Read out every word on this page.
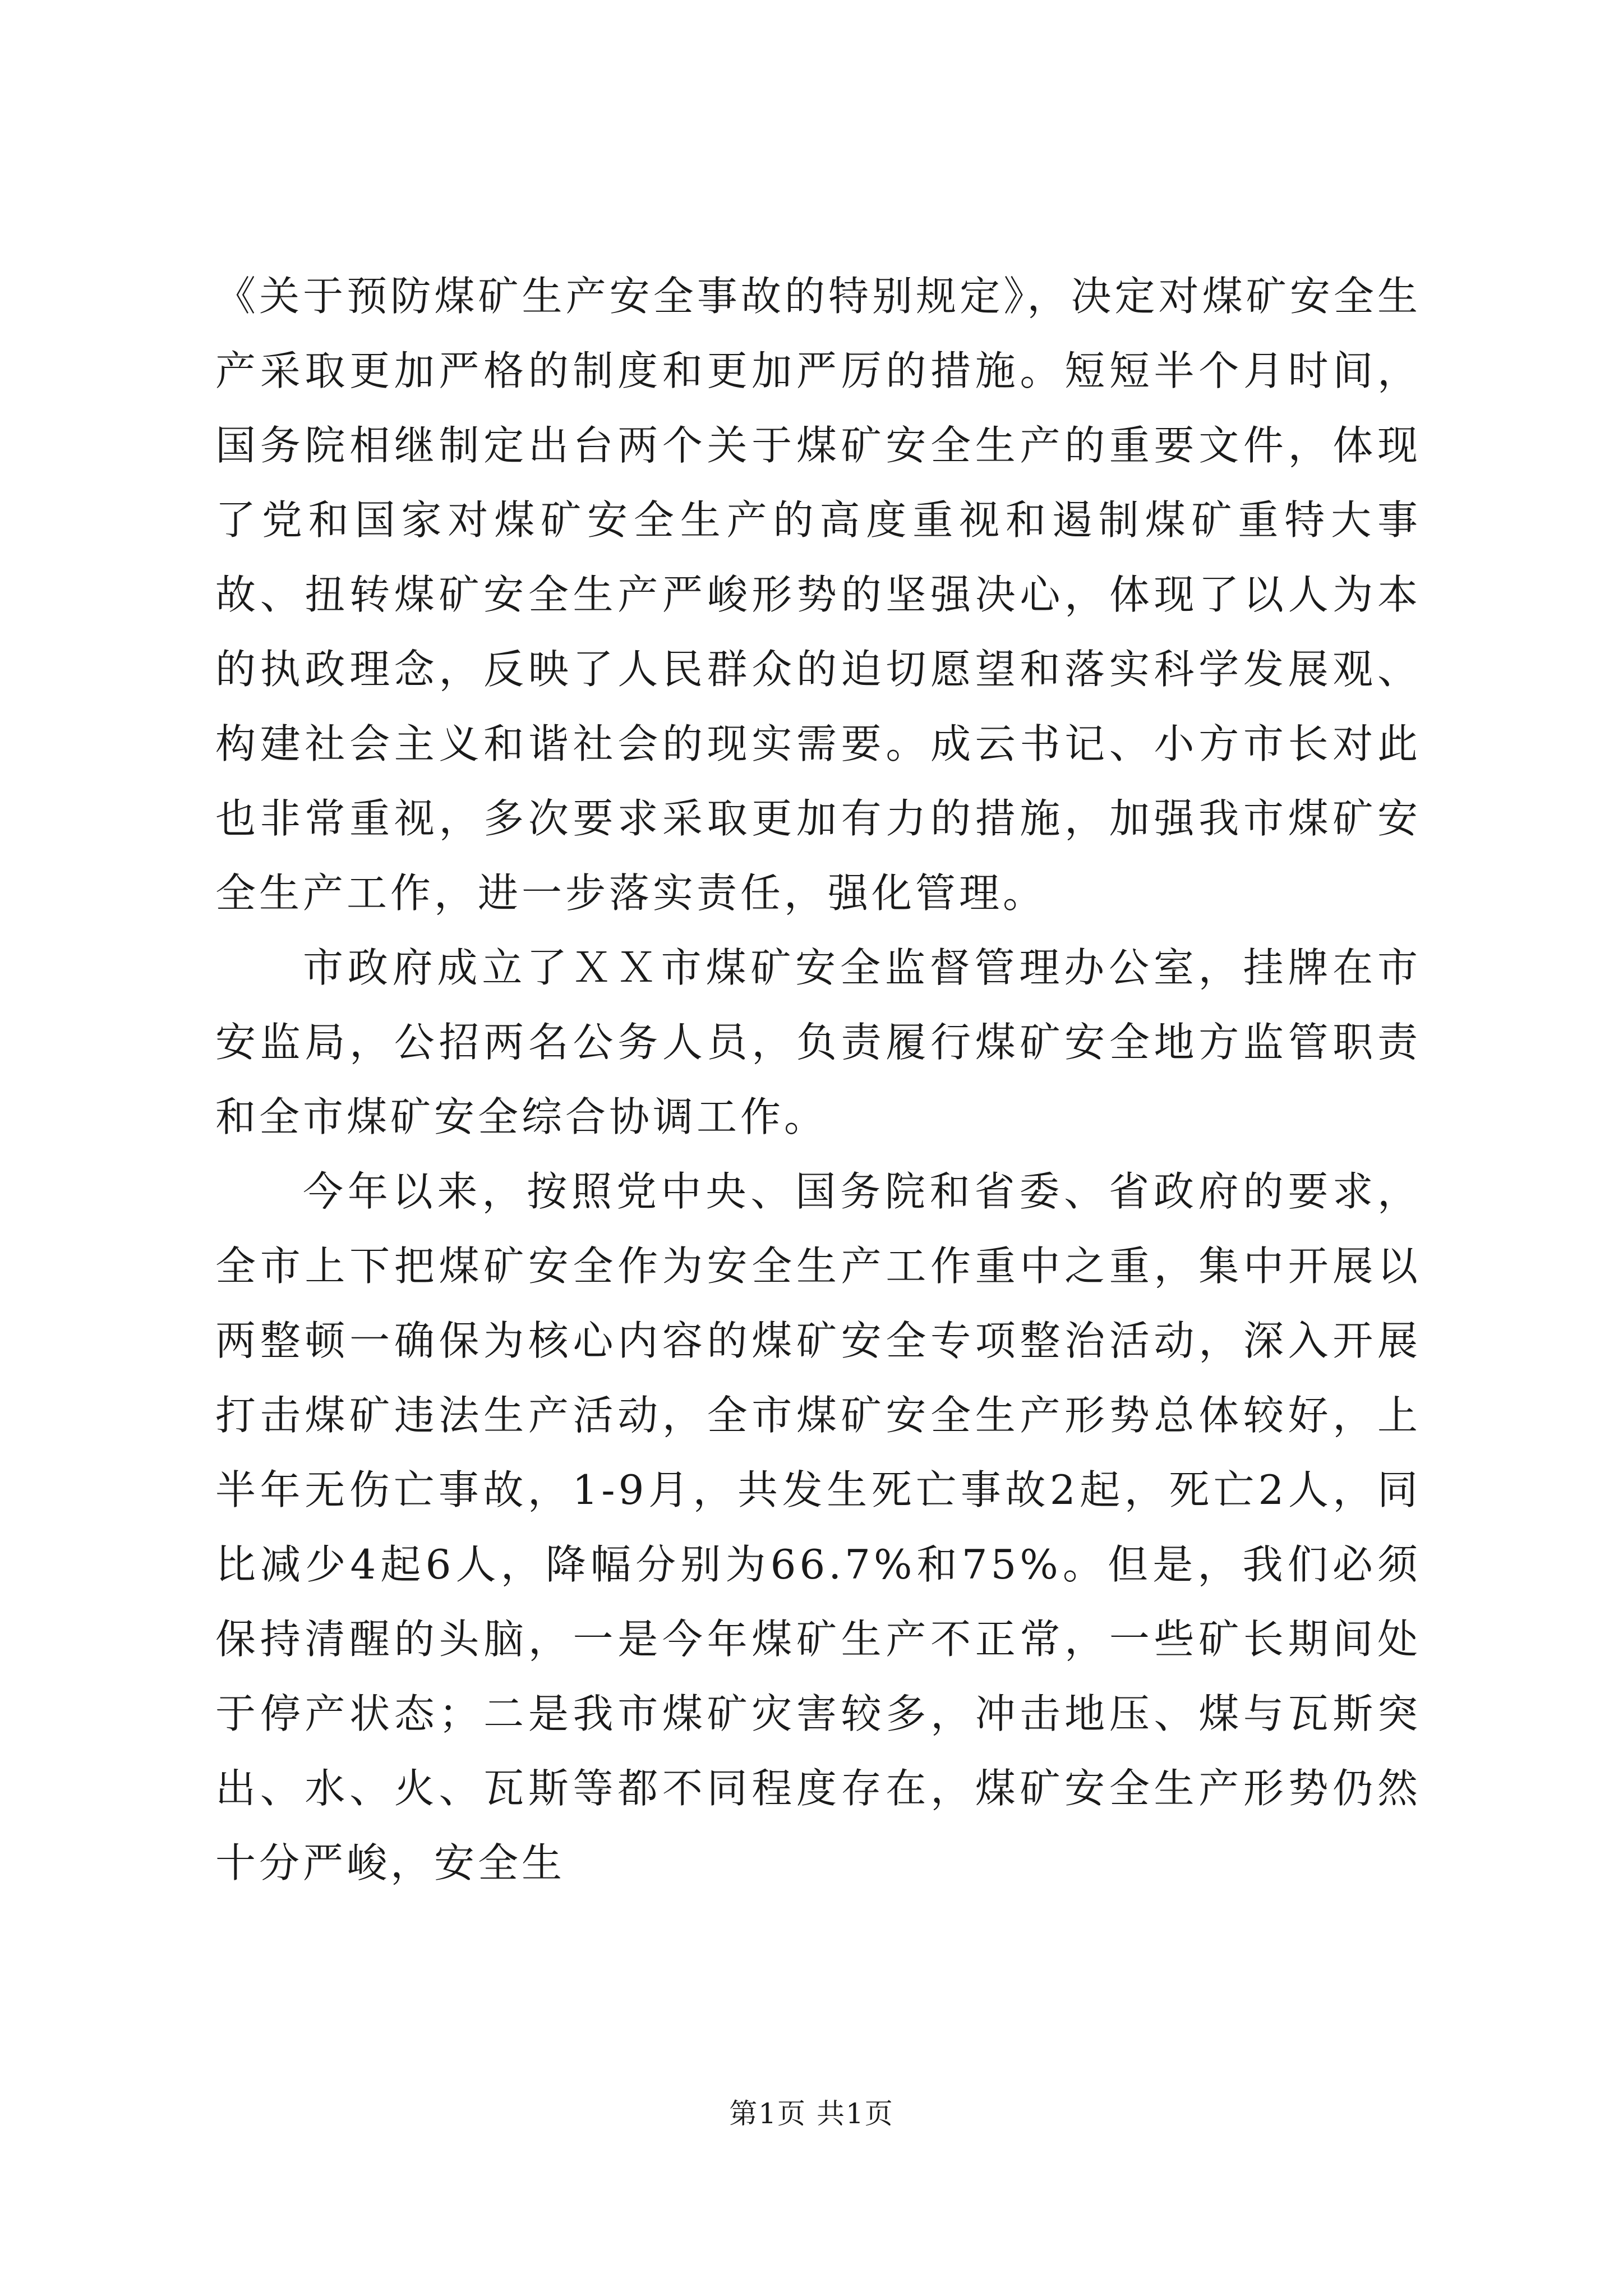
《关于预防煤矿生产安全事故的特别规定》，决定对煤矿安全生产采取更加严格的制度和更加严厉的措施。短短半个月时间，国务院相继制定出台两个关于煤矿安全生产的重要文件，体现了党和国家对煤矿安全生产的高度重视和遏制煤矿重特大事故、扭转煤矿安全生产严峻形势的坚强决心，体现了以人为本的执政理念，反映了人民群众的迫切愿望和落实科学发展观、构建社会主义和谐社会的现实需要。成云书记、小方市长对此也非常重视，多次要求采取更加有力的措施，加强我市煤矿安全生产工作，进一步落实责任，强化管理。

市政府成立了ＸＸ市煤矿安全监督管理办公室，挂牌在市安监局，公招两名公务人员，负责履行煤矿安全地方监管职责和全市煤矿安全综合协调工作。

今年以来，按照党中央、国务院和省委、省政府的要求，全市上下把煤矿安全作为安全生产工作重中之重，集中开展以两整顿一确保为核心内容的煤矿安全专项整治活动，深入开展打击煤矿违法生产活动，全市煤矿安全生产形势总体较好，上半年无伤亡事故，1-9月，共发生死亡事故2起，死亡2人，同比减少4起6人，降幅分别为66.7%和75%。但是，我们必须保持清醒的头脑，一是今年煤矿生产不正常，一些矿长期间处于停产状态；二是我市煤矿灾害较多，冲击地压、煤与瓦斯突出、水、火、瓦斯等都不同程度存在，煤矿安全生产形势仍然十分严峻，安全生

第1页 共1页
